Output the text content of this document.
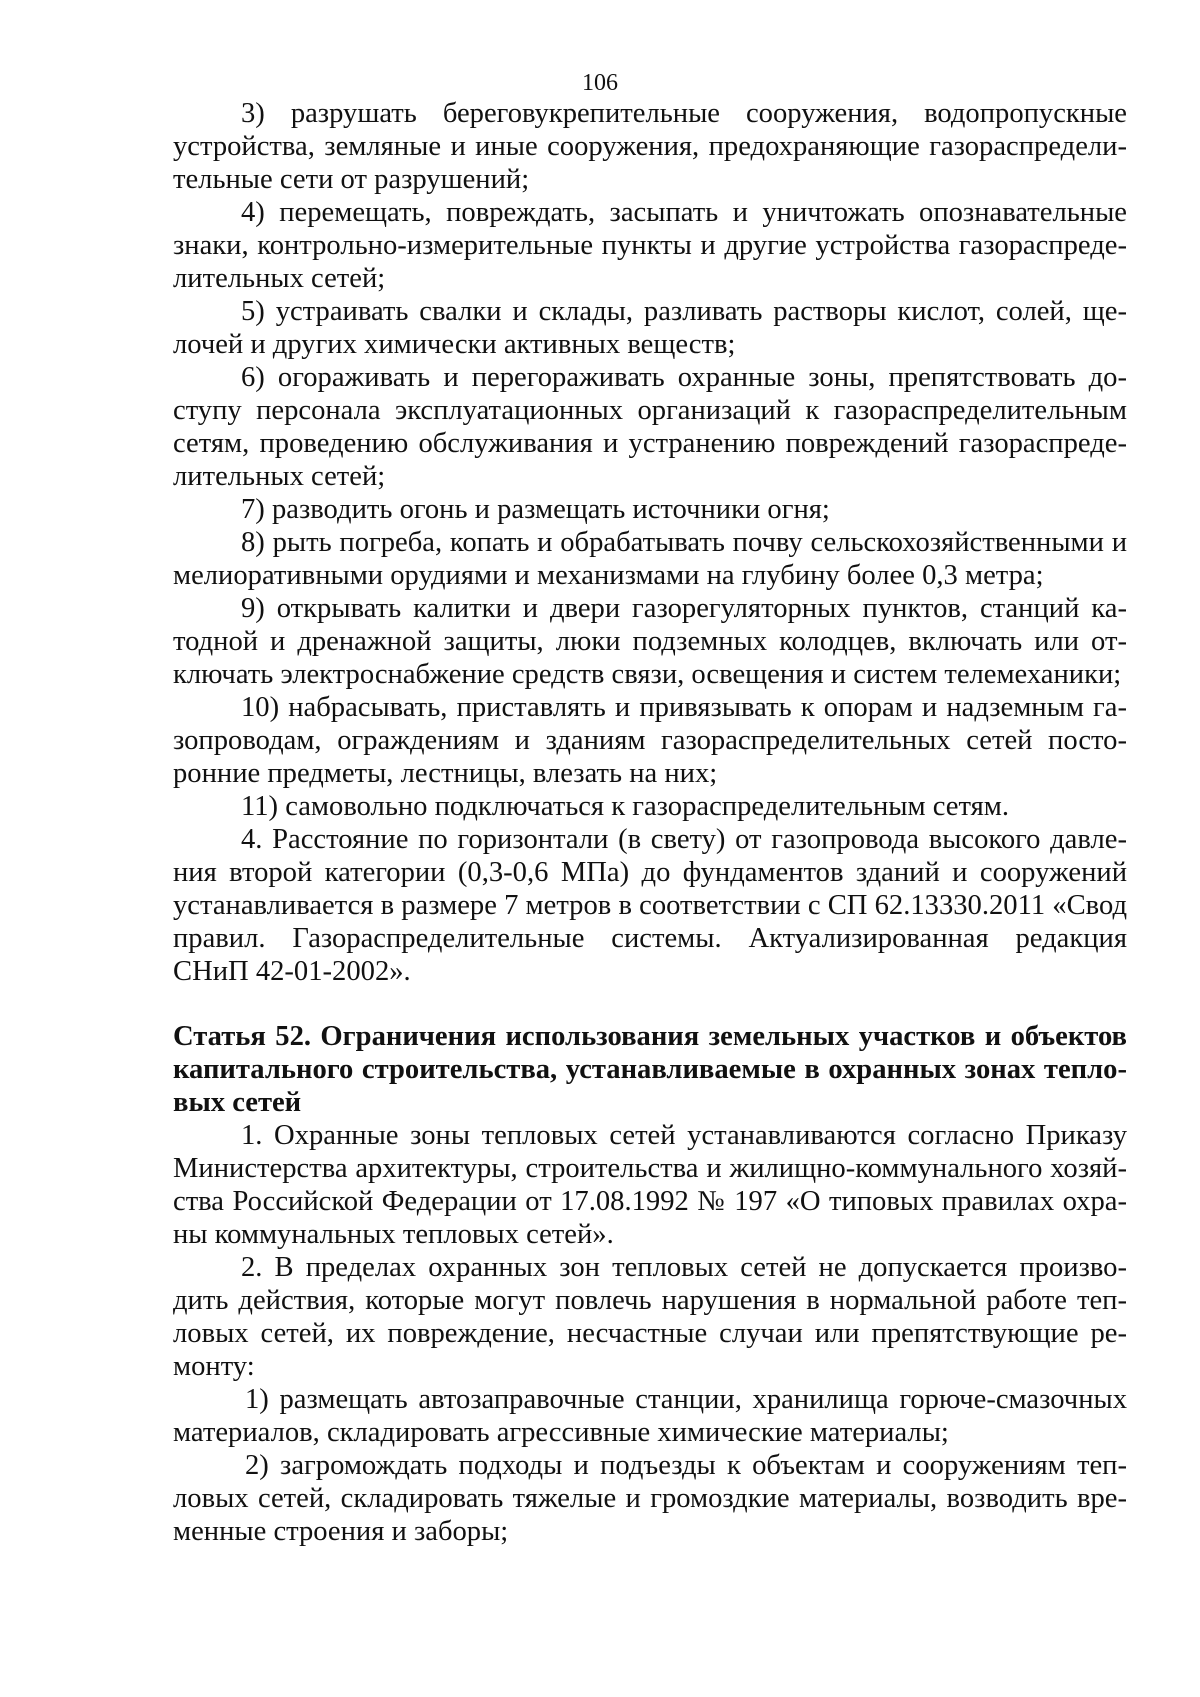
106

3) разрушать береговукрепительные сооружения, водопропускные устройства, земляные и иные сооружения, предохраняющие газораспределительные сети от разрушений;

4) перемещать, повреждать, засыпать и уничтожать опознавательные знаки, контрольно-измерительные пункты и другие устройства газораспределительных сетей;

5) устраивать свалки и склады, разливать растворы кислот, солей, щелочей и других химически активных веществ;

6) огораживать и перегораживать охранные зоны, препятствовать доступу персонала эксплуатационных организаций к газораспределительным сетям, проведению обслуживания и устранению повреждений газораспределительных сетей;

7) разводить огонь и размещать источники огня;

8) рыть погреба, копать и обрабатывать почву сельскохозяйственными и мелиоративными орудиями и механизмами на глубину более 0,3 метра;

9) открывать калитки и двери газорегуляторных пунктов, станций катодной и дренажной защиты, люки подземных колодцев, включать или отключать электроснабжение средств связи, освещения и систем телемеханики;

10) набрасывать, приставлять и привязывать к опорам и надземным газопроводам, ограждениям и зданиям газораспределительных сетей посторонние предметы, лестницы, влезать на них;

11) самовольно подключаться к газораспределительным сетям.

4. Расстояние по горизонтали (в свету) от газопровода высокого давления второй категории (0,3-0,6 МПа) до фундаментов зданий и сооружений устанавливается в размере 7 метров в соответствии с СП 62.13330.2011 «Свод правил. Газораспределительные системы. Актуализированная редакция СНиП 42-01-2002».

Статья 52. Ограничения использования земельных участков и объектов капитального строительства, устанавливаемые в охранных зонах тепловых сетей

1. Охранные зоны тепловых сетей устанавливаются согласно Приказу Министерства архитектуры, строительства и жилищно-коммунального хозяйства Российской Федерации от 17.08.1992 № 197 «О типовых правилах охраны коммунальных тепловых сетей».

2. В пределах охранных зон тепловых сетей не допускается производить действия, которые могут повлечь нарушения в нормальной работе тепловых сетей, их повреждение, несчастные случаи или препятствующие ремонту:

1) размещать автозаправочные станции, хранилища горюче-смазочных материалов, складировать агрессивные химические материалы;

2) загромождать подходы и подъезды к объектам и сооружениям тепловых сетей, складировать тяжелые и громоздкие материалы, возводить временные строения и заборы;
